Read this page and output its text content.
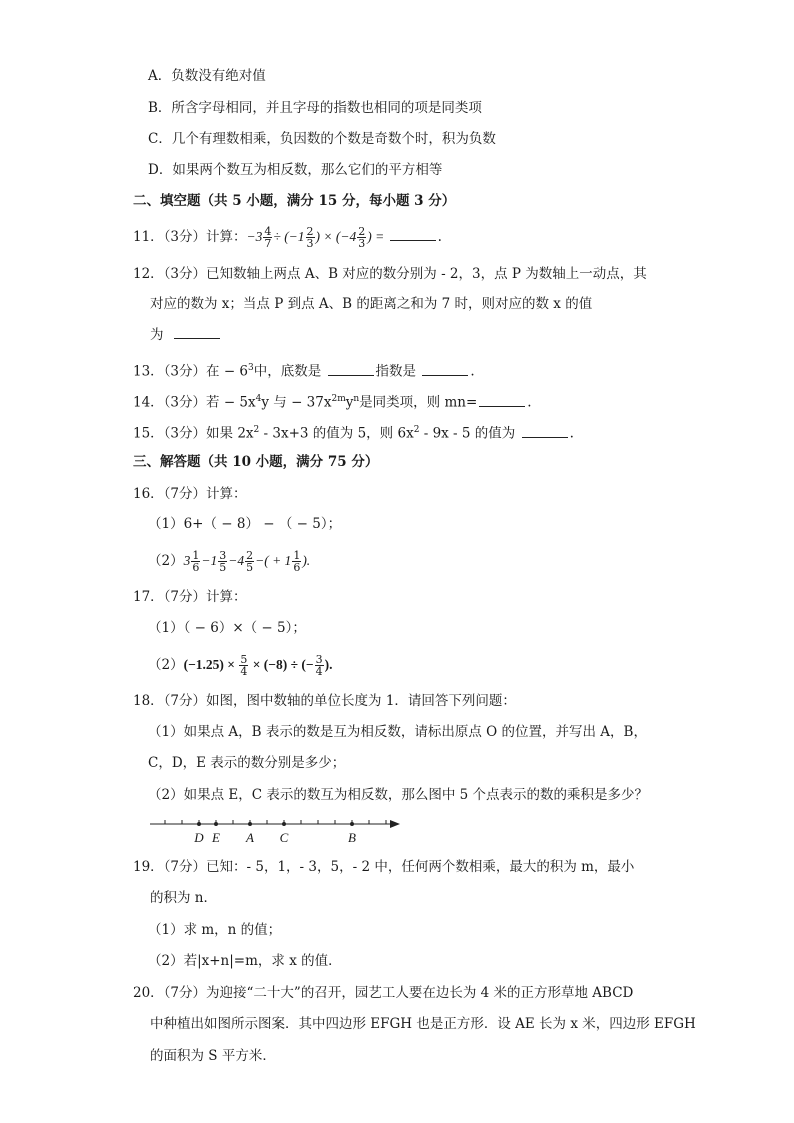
A．负数没有绝对值
B．所含字母相同，并且字母的指数也相同的项是同类项
C．几个有理数相乘，负因数的个数是奇数个时，积为负数
D．如果两个数互为相反数，那么它们的平方相等
二、填空题（共 5 小题，满分 15 分，每小题 3 分）
11．（3分）计算：$-3 \frac{4}{7} \div (-1 \frac{2}{3}$ ) × ($-4 \frac{2}{3}$ ) =	.
12．（3分）已知数轴上两点 A、B 对应的数分别为 - 2，3，点 P 为数轴上一动点，其
对应的数为 x；当点 P 到点 A、B 的距离之和为 7 时，则对应的数 x 的值
为
13．（3分）在 − $6^3$中，底数是	指数是	.
14．（3分）若 − $5x^4y$ 与 − $37x^{2m}y^n$是同类项，则 mn=	.
15．（3分）如果 $2x^2 - 3x+3$ 的值为 5，则 $6x^2 - 9x - 5$ 的值为	.
三、解答题（共 10 小题，满分 75 分）
16．（7分）计算：
（1）6+（ − 8） − （ − 5）；
$(2)3 \frac{1}{6} -1 \frac{3}{5} -4 \frac{2}{5}$ −( + $1 \frac{1}{6}$ ).
17．（7分）计算：
（1）（ − 6）×（ − 5）；
$(2)(-1.25) \times \frac{5}{4} \times (-8)$ ÷ (− $\frac{3}{4}$ ).
18．（7分）如图，图中数轴的单位长度为 1．请回答下列问题：
（1）如果点 A，B 表示的数是互为相反数，请标出原点 O 的位置，并写出 A，B，
C，D，E 表示的数分别是多少；
（2）如果点 E，C 表示的数互为相反数，那么图中 5 个点表示的数的乘积是多少？
D E A C	B
19．（7分）已知：- 5，1，- 3，5，- 2 中，任何两个数相乘，最大的积为 m，最小
的积为 n．
（1）求 m，n 的值；
（2）若|x+n|=m，求 x 的值．
20．（7分）为迎接“二十大”的召开，园艺工人要在边长为 4 米的正方形草地 ABCD
中种植出如图所示图案．其中四边形 EFGH 也是正方形．设 AE 长为 x 米，四边形 EFGH
的面积为 S 平方米．
